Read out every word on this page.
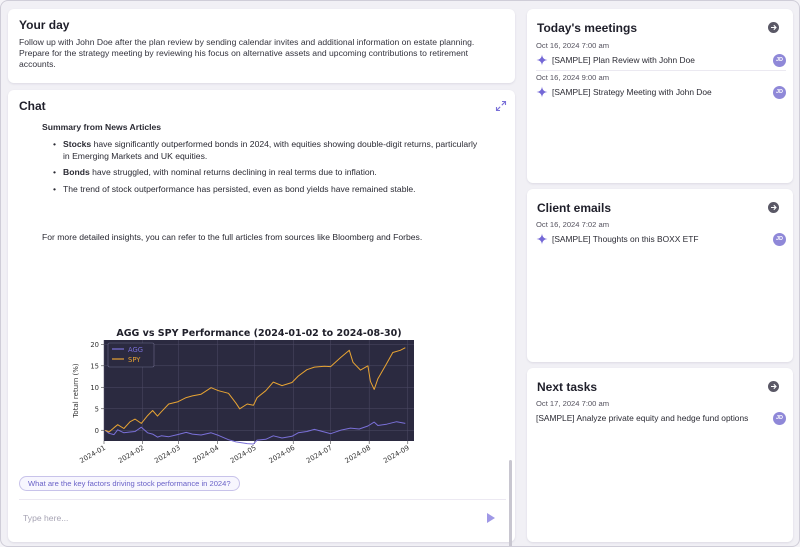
Your day
Follow up with John Doe after the plan review by sending calendar invites and additional information on estate planning. Prepare for the strategy meeting by reviewing his focus on alternative assets and upcoming contributions to retirement accounts.
Chat
Summary from News Articles
• Stocks have significantly outperformed bonds in 2024, with equities showing double-digit returns, particularly in Emerging Markets and UK equities.
• Bonds have struggled, with nominal returns declining in real terms due to inflation.
• The trend of stock outperformance has persisted, even as bond yields have remained stable.
For more detailed insights, you can refer to the full articles from sources like Bloomberg and Forbes.
AGG vs SPY Performance (2024-01-02 to 2024-08-30)
2024-01 2024-02 2024-03 2024-04 2024-05 2024-06 2024-07 2024-08 2024-09
0
5
10
15
20
Total return (%)
AGG
SPY
What are the key factors driving stock performance in 2024?
Type here...
Today's meetings
Oct 16, 2024 7:00 am
[SAMPLE] Plan Review with John Doe	JD
Oct 16, 2024 9:00 am
[SAMPLE] Strategy Meeting with John Doe	JD
Client emails
Oct 16, 2024 7:02 am
[SAMPLE] Thoughts on this BOXX ETF	JD
Next tasks
Oct 17, 2024 7:00 am
[SAMPLE] Analyze private equity and hedge fund options	JD
